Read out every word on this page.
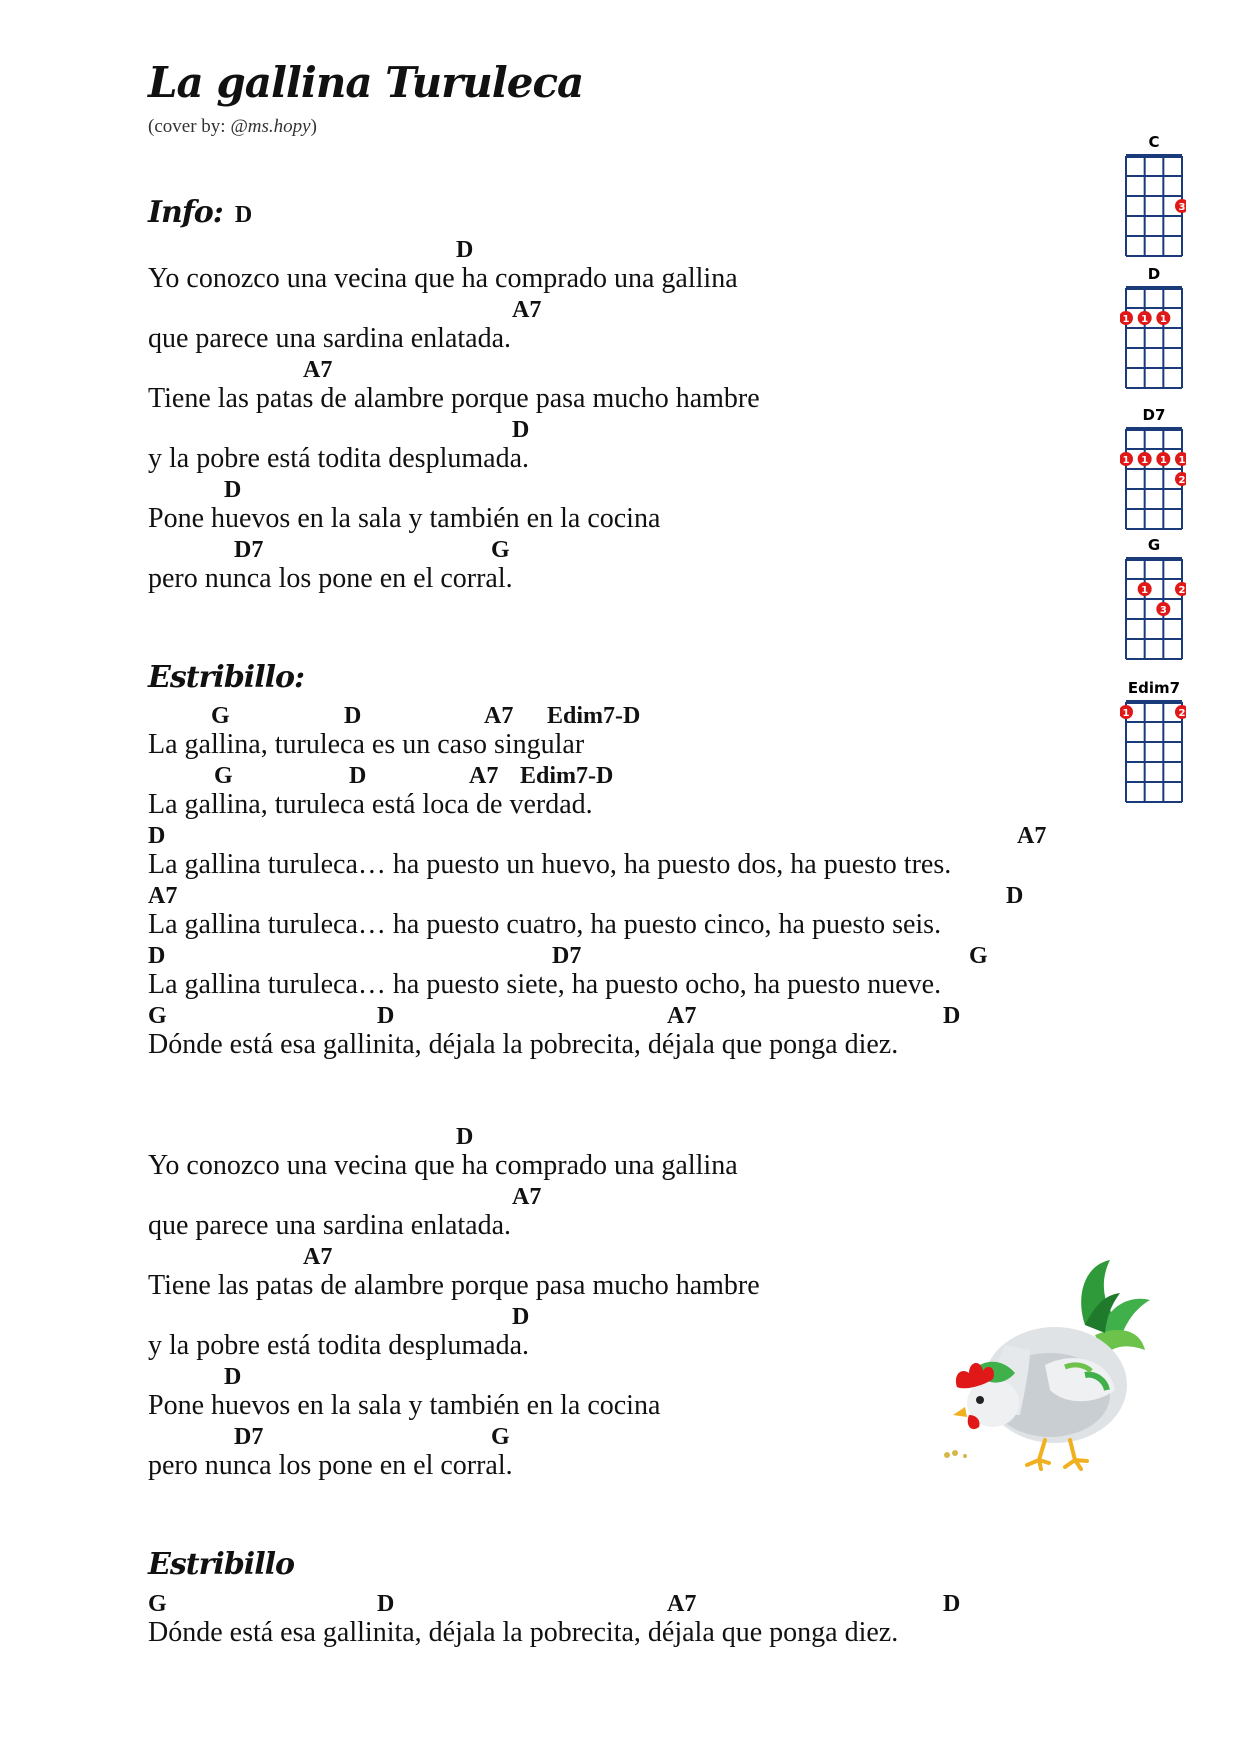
La gallina Turuleca
(cover by: @ms.hopy)
Info: D
D
Yo conozco una vecina que ha comprado una gallina
A7
que parece una sardina enlatada.
A7
Tiene las patas de alambre porque pasa mucho hambre
D
y la pobre está todita desplumada.
D
Pone huevos en la sala y también en la cocina
D7	G
pero nunca los pone en el corral.
Estribillo:
G	D	A7 Edim7-D
La gallina, turuleca es un caso singular
G	D	A7 Edim7-D
La gallina, turuleca está loca de verdad.
D	A7
La gallina turuleca… ha puesto un huevo, ha puesto dos, ha puesto tres.
A7	D
La gallina turuleca… ha puesto cuatro, ha puesto cinco, ha puesto seis.
D	D7	G
La gallina turuleca… ha puesto siete, ha puesto ocho, ha puesto nueve.
G	D	A7	D
Dónde está esa gallinita, déjala la pobrecita, déjala que ponga diez.
D
Yo conozco una vecina que ha comprado una gallina
A7
que parece una sardina enlatada.
A7
Tiene las patas de alambre porque pasa mucho hambre
D
y la pobre está todita desplumada.
D
Pone huevos en la sala y también en la cocina
D7	G
pero nunca los pone en el corral.
Estribillo
G	D	A7	D
Dónde está esa gallinita, déjala la pobrecita, déjala que ponga diez.
C
3
D
1 1 1
D7
1 1 1 1
2
G
1	2
3
Edim7
1	2
